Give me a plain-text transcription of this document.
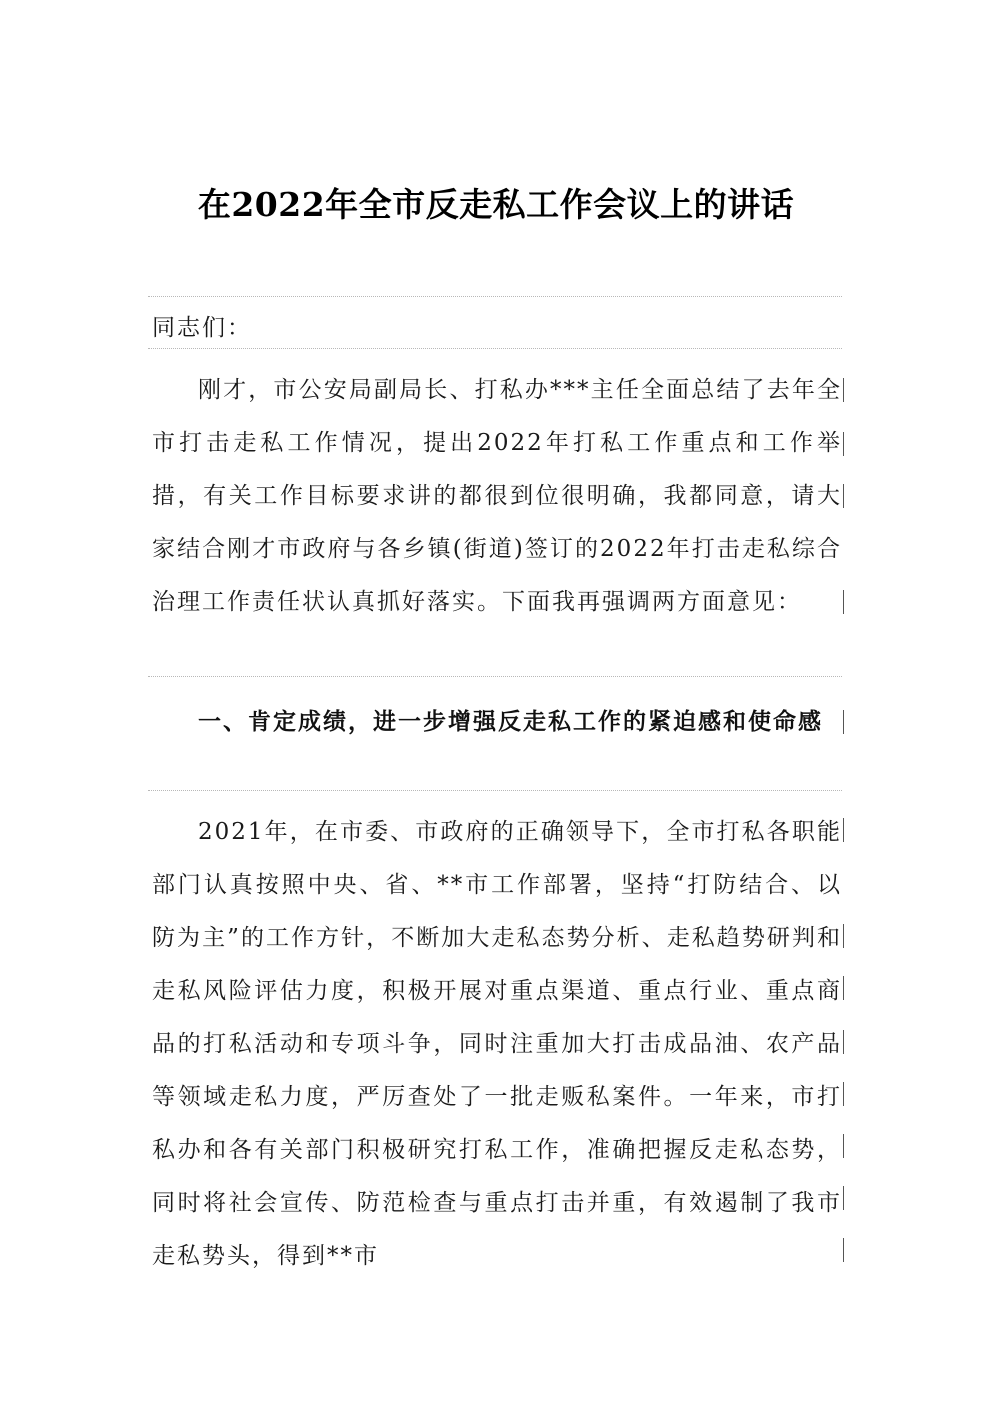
在2022年全市反走私工作会议上的讲话

同志们：

刚才，市公安局副局长、打私办***主任全面总结了去年全市打击走私工作情况，提出2022年打私工作重点和工作举措，有关工作目标要求讲的都很到位很明确，我都同意，请大家结合刚才市政府与各乡镇(街道)签订的2022年打击走私综合治理工作责任状认真抓好落实。下面我再强调两方面意见：

一、肯定成绩，进一步增强反走私工作的紧迫感和使命感

2021年，在市委、市政府的正确领导下，全市打私各职能部门认真按照中央、省、**市工作部署，坚持“打防结合、以防为主”的工作方针，不断加大走私态势分析、走私趋势研判和走私风险评估力度，积极开展对重点渠道、重点行业、重点商品的打私活动和专项斗争，同时注重加大打击成品油、农产品等领域走私力度，严厉查处了一批走贩私案件。一年来，市打私办和各有关部门积极研究打私工作，准确把握反走私态势，同时将社会宣传、防范检查与重点打击并重，有效遏制了我市走私势头，得到**市
